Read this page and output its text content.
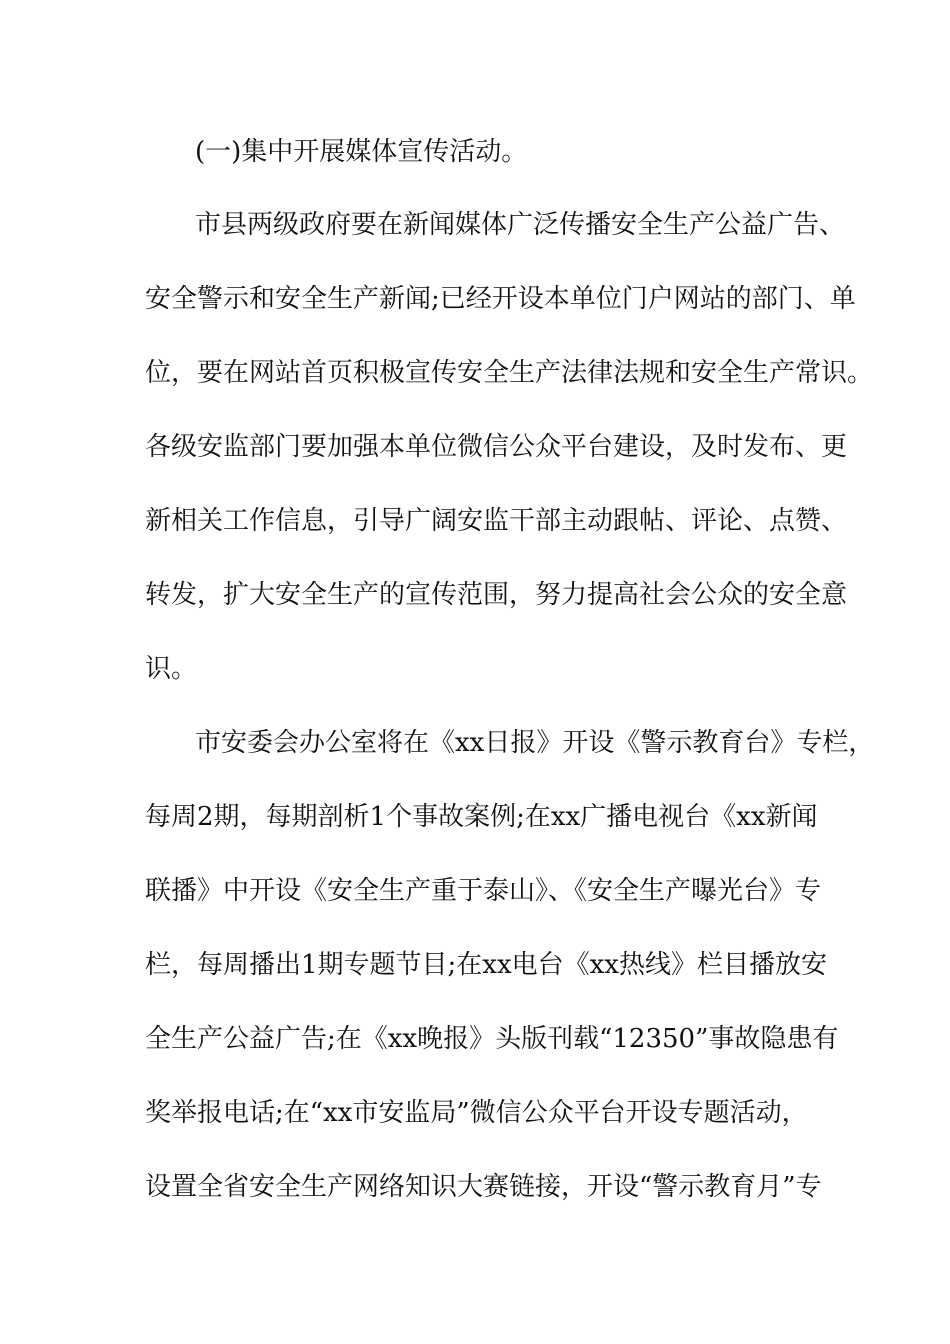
(一)集中开展媒体宣传活动。
市县两级政府要在新闻媒体广泛传播安全生产公益广告、
安全警示和安全生产新闻;已经开设本单位门户网站的部门、单
位，要在网站首页积极宣传安全生产法律法规和安全生产常识。
各级安监部门要加强本单位微信公众平台建设，及时发布、更
新相关工作信息，引导广阔安监干部主动跟帖、评论、点赞、
转发，扩大安全生产的宣传范围，努力提高社会公众的安全意
识。
市安委会办公室将在《xx日报》开设《警示教育台》专栏，
每周2期，每期剖析1个事故案例;在xx广播电视台《xx新闻
联播》中开设《安全生产重于泰山》、《安全生产曝光台》专
栏，每周播出1期专题节目;在xx电台《xx热线》栏目播放安
全生产公益广告;在《xx晚报》头版刊载“12350”事故隐患有
奖举报电话;在“xx市安监局”微信公众平台开设专题活动，
设置全省安全生产网络知识大赛链接，开设“警示教育月”专
